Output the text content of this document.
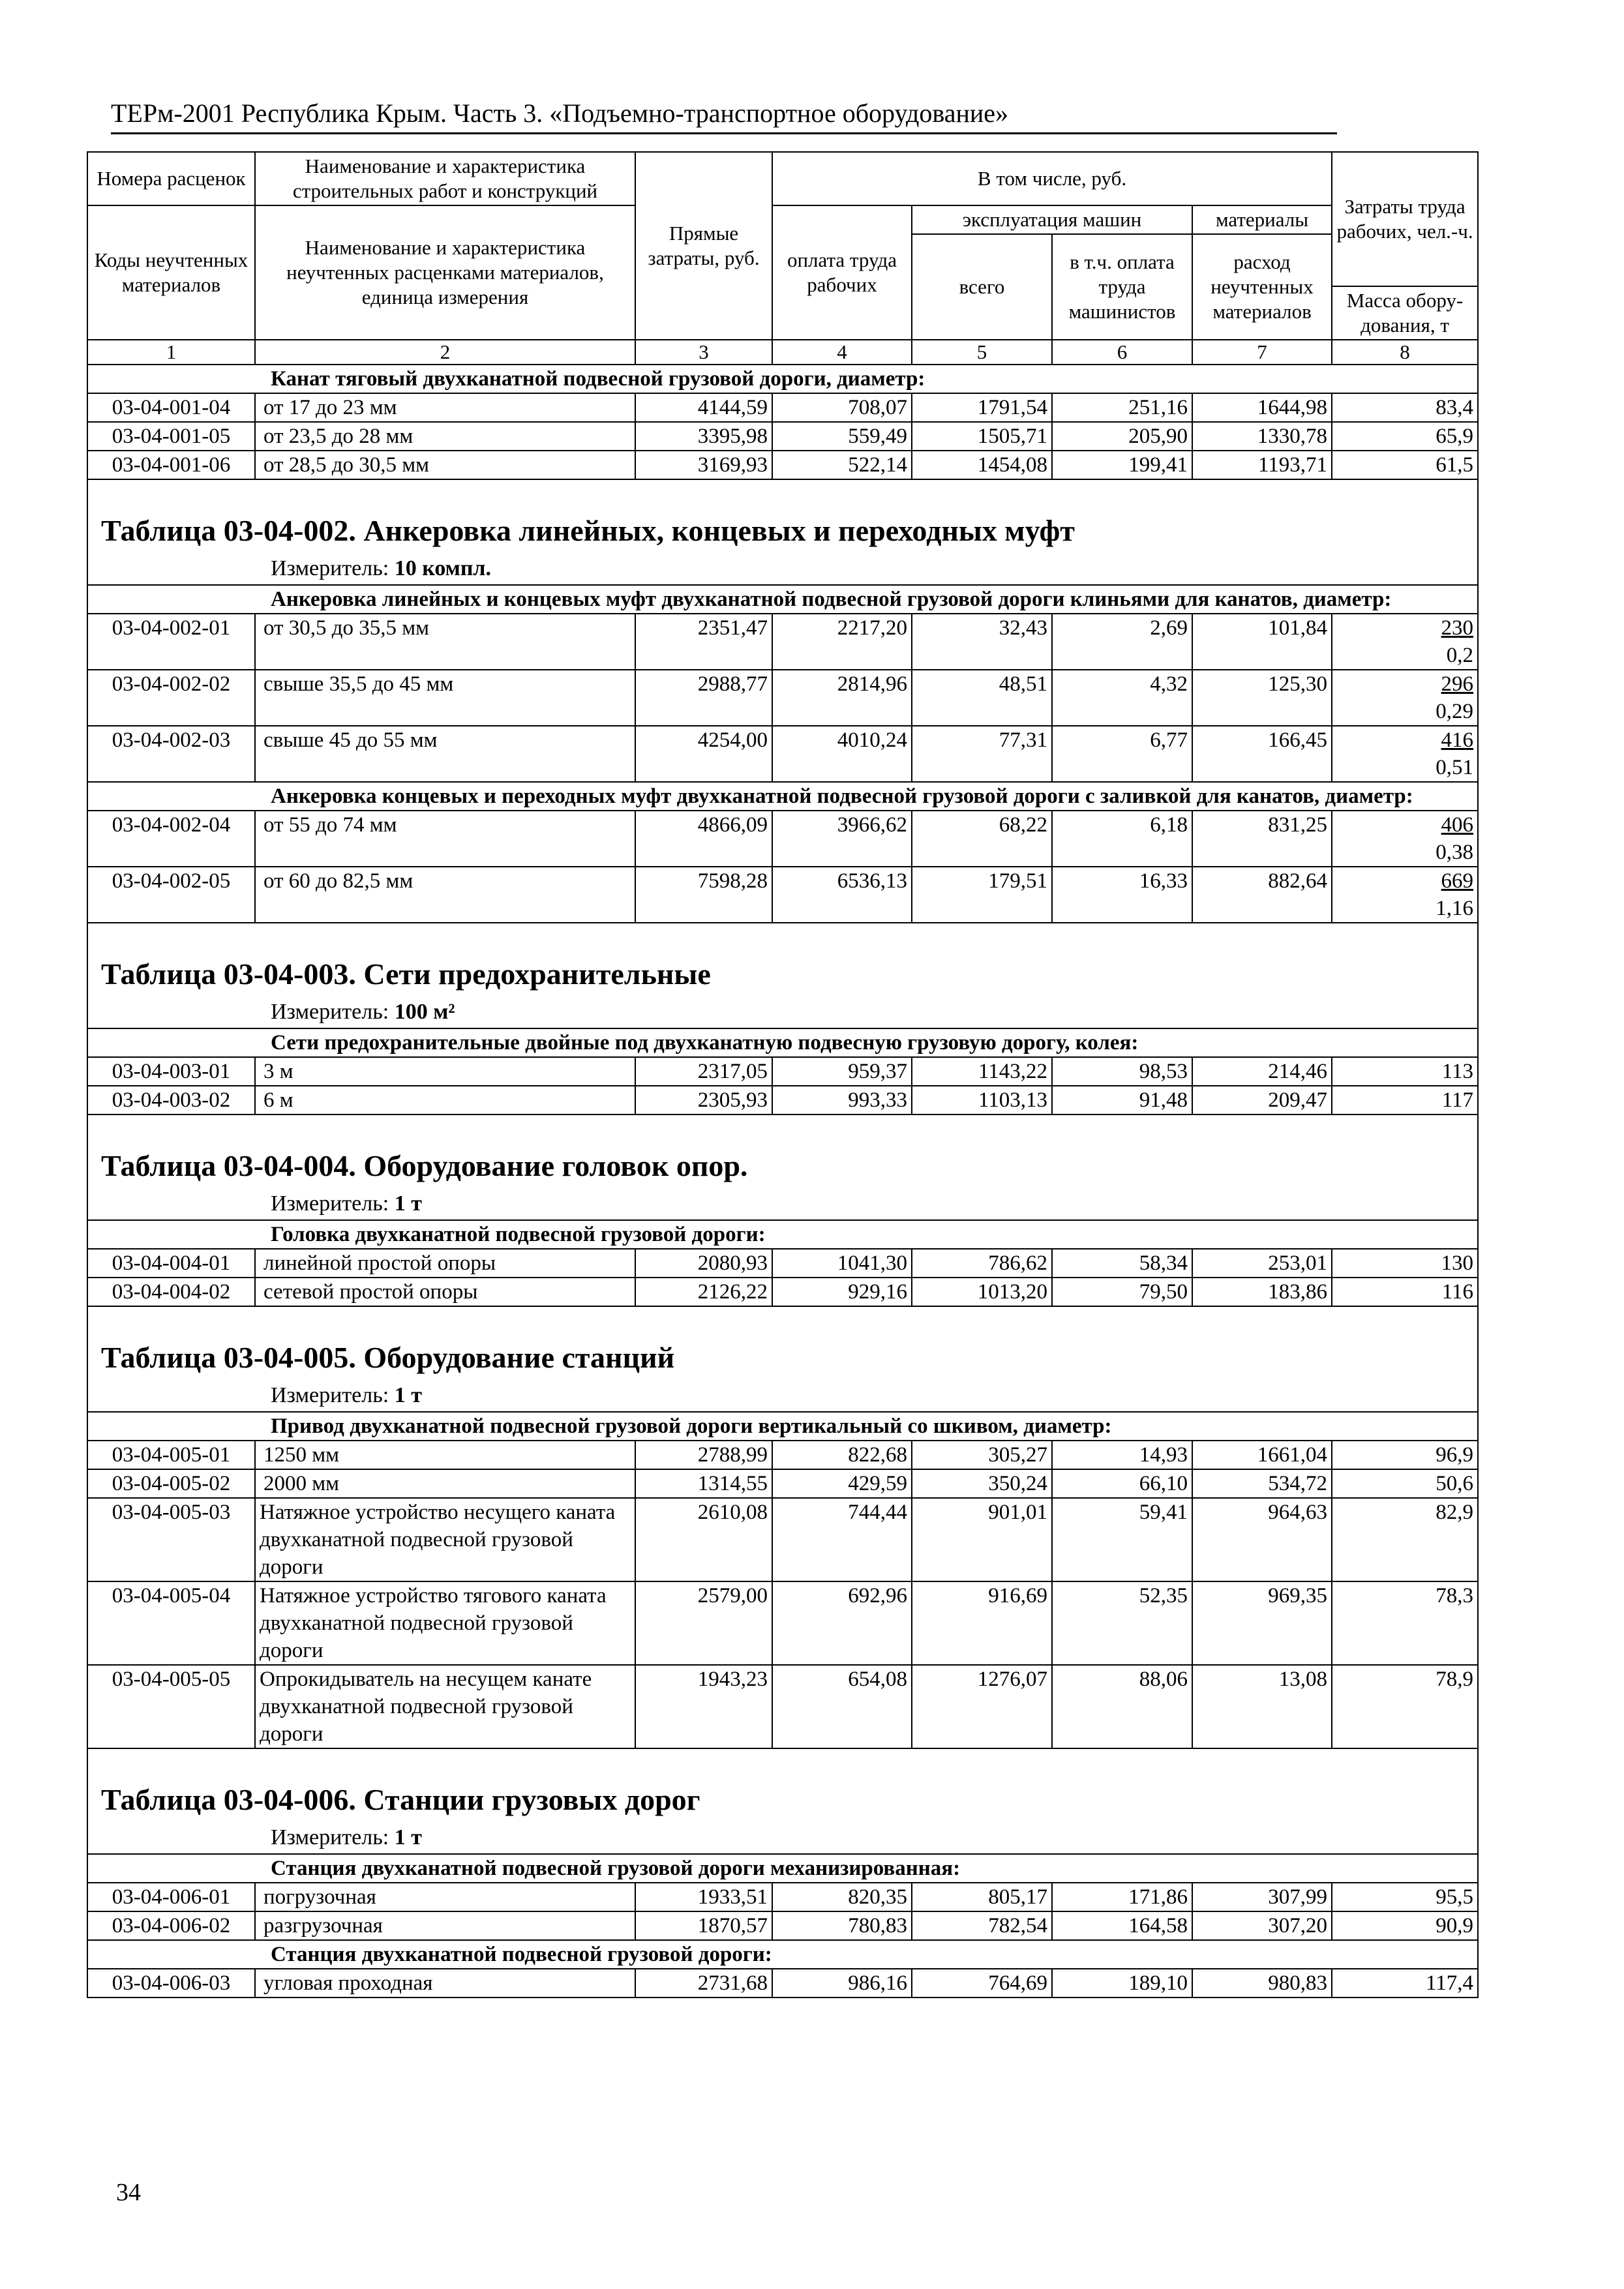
ТЕРм-2001 Республика Крым. Часть 3. «Подъемно-транспортное оборудование»
Номера расценок	Наименование и характеристика строительных работ и конструкций	Прямые затраты, руб.	В том числе, руб.				Затраты труда рабочих, чел.-ч.
Коды неучтенных материалов	Наименование и характеристика неучтенных расценками материалов, единица измерения		оплата труда рабочих	эксплуатация машин		материалы	
				всего	в т.ч. оплата труда машинистов	расход неучтенных материалов	
							Масса обору-дования, т
1	2	3	4	5	6	7	8

Канат тяговый двухканатной подвесной грузовой дороги, диаметр:							

03-04-001-04	от 17 до 23 мм	4144,59	708,07	1791,54	251,16	1644,98	83,4
03-04-001-05	от 23,5 до 28 мм	3395,98	559,49	1505,71	205,90	1330,78	65,9
03-04-001-06	от 28,5 до 30,5 мм	3169,93	522,14	1454,08	199,41	1193,71	61,5

Таблица 03-04-002. Анкеровка линейных, концевых и переходных муфт							

Измеритель: 10 компл.							

Анкеровка линейных и концевых муфт двухканатной подвесной грузовой дороги клиньями для канатов, диаметр:							

03-04-002-01	от 30,5 до 35,5 мм	2351,47	2217,20	32,43	2,69	101,84	230
0,2

03-04-002-02	свыше 35,5 до 45 мм	2988,77	2814,96	48,51	4,32	125,30	296
0,29

03-04-002-03	свыше 45 до 55 мм	4254,00	4010,24	77,31	6,77	166,45	416
0,51

Анкеровка концевых и переходных муфт двухканатной подвесной грузовой дороги с заливкой для канатов, диаметр:							

03-04-002-04	от 55 до 74 мм	4866,09	3966,62	68,22	6,18	831,25	406
0,38

03-04-002-05	от 60 до 82,5 мм	7598,28	6536,13	179,51	16,33	882,64	669
1,16

Таблица 03-04-003. Сети предохранительные							

Измеритель: 100 м²							

Сети предохранительные двойные под двухканатную подвесную грузовую дорогу, колея:							

03-04-003-01	3 м	2317,05	959,37	1143,22	98,53	214,46	113
03-04-003-02	6 м	2305,93	993,33	1103,13	91,48	209,47	117

Таблица 03-04-004. Оборудование головок опор.							

Измеритель: 1 т							

Головка двухканатной подвесной грузовой дороги:							

03-04-004-01	линейной простой опоры	2080,93	1041,30	786,62	58,34	253,01	130
03-04-004-02	сетевой простой опоры	2126,22	929,16	1013,20	79,50	183,86	116

Таблица 03-04-005. Оборудование станций							

Измеритель: 1 т							

Привод двухканатной подвесной грузовой дороги вертикальный со шкивом, диаметр:							

03-04-005-01	1250 мм	2788,99	822,68	305,27	14,93	1661,04	96,9
03-04-005-02	2000 мм	1314,55	429,59	350,24	66,10	534,72	50,6
03-04-005-03	Натяжное устройство несущего каната двухканатной подвесной грузовой дороги	2610,08	744,44	901,01	59,41	964,63	82,9
03-04-005-04	Натяжное устройство тягового каната двухканатной подвесной грузовой дороги	2579,00	692,96	916,69	52,35	969,35	78,3
03-04-005-05	Опрокидыватель на несущем канате двухканатной подвесной грузовой дороги	1943,23	654,08	1276,07	88,06	13,08	78,9

Таблица 03-04-006. Станции грузовых дорог							

Измеритель: 1 т							

Станция двухканатной подвесной грузовой дороги механизированная:							

03-04-006-01	погрузочная	1933,51	820,35	805,17	171,86	307,99	95,5
03-04-006-02	разгрузочная	1870,57	780,83	782,54	164,58	307,20	90,9

Станция двухканатной подвесной грузовой дороги:							

03-04-006-03	угловая проходная	2731,68	986,16	764,69	189,10	980,83	117,4
34
